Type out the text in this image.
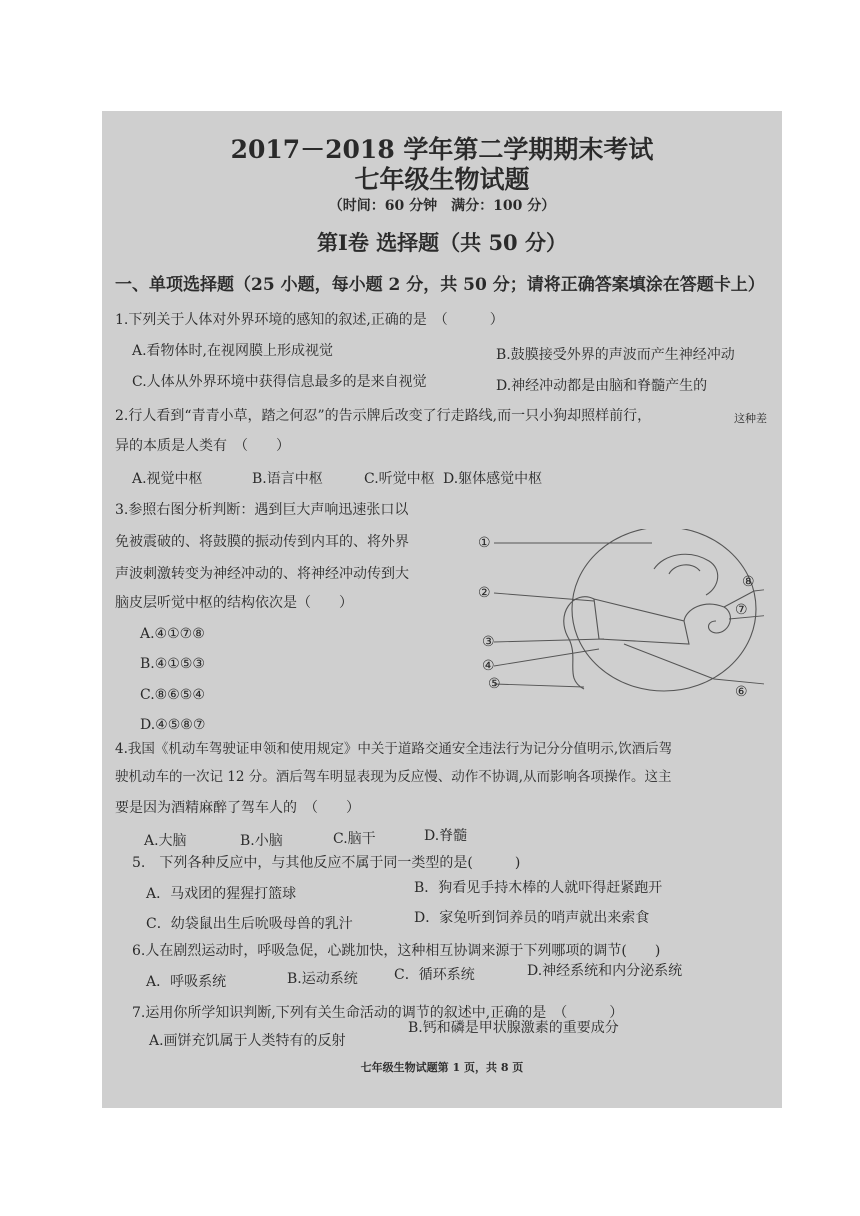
2017－2018 学年第二学期期末考试
七年级生物试题
（时间：60 分钟　满分：100 分）
第Ⅰ卷 选择题（共 50 分）
一、单项选择题（25 小题，每小题 2 分，共 50 分；请将正确答案填涂在答题卡上）
1.下列关于人体对外界环境的感知的叙述,正确的是　（　　　）
A.看物体时,在视网膜上形成视觉	B.鼓膜接受外界的声波而产生神经冲动
C.人体从外界环境中获得信息最多的是来自视觉	D.神经冲动都是由脑和脊髓产生的
2.行人看到“青青小草，踏之何忍”的告示牌后改变了行走路线,而一只小狗却照样前行，	这种差
异的本质是人类有　（　　）
A.视觉中枢	B.语言中枢	C.听觉中枢 D.躯体感觉中枢
3.参照右图分析判断：遇到巨大声响迅速张口以
免被震破的、将鼓膜的振动传到内耳的、将外界
声波刺激转变为神经冲动的、将神经冲动传到大
脑皮层听觉中枢的结构依次是（　　）
A.④①⑦⑧
B.④①⑤③
C.⑧⑥⑤④
D.④⑤⑧⑦
①
②
③
④
⑤	⑥
⑦
⑧
4.我国《机动车驾驶证申领和使用规定》中关于道路交通安全违法行为记分分值明示,饮酒后驾
驶机动车的一次记 12 分。酒后驾车明显表现为反应慢、动作不协调,从而影响各项操作。这主
要是因为酒精麻醉了驾车人的　（　　）
A.大脑	B.小脑	C.脑干	D.脊髓
5.　下列各种反应中，与其他反应不属于同一类型的是(　　　)
A．马戏团的猩猩打篮球	B．狗看见手持木棒的人就吓得赶紧跑开
C．幼袋鼠出生后吮吸母兽的乳汁	D．家兔听到饲养员的哨声就出来索食
6.人在剧烈运动时，呼吸急促，心跳加快，这种相互协调来源于下列哪项的调节(　　)
A．呼吸系统	B.运动系统	C．循环系统	D.神经系统和内分泌系统
7.运用你所学知识判断,下列有关生命活动的调节的叙述中,正确的是　（　　　）
A.画饼充饥属于人类特有的反射
B.钙和磷是甲状腺激素的重要成分
七年级生物试题第 1 页，共 8 页
